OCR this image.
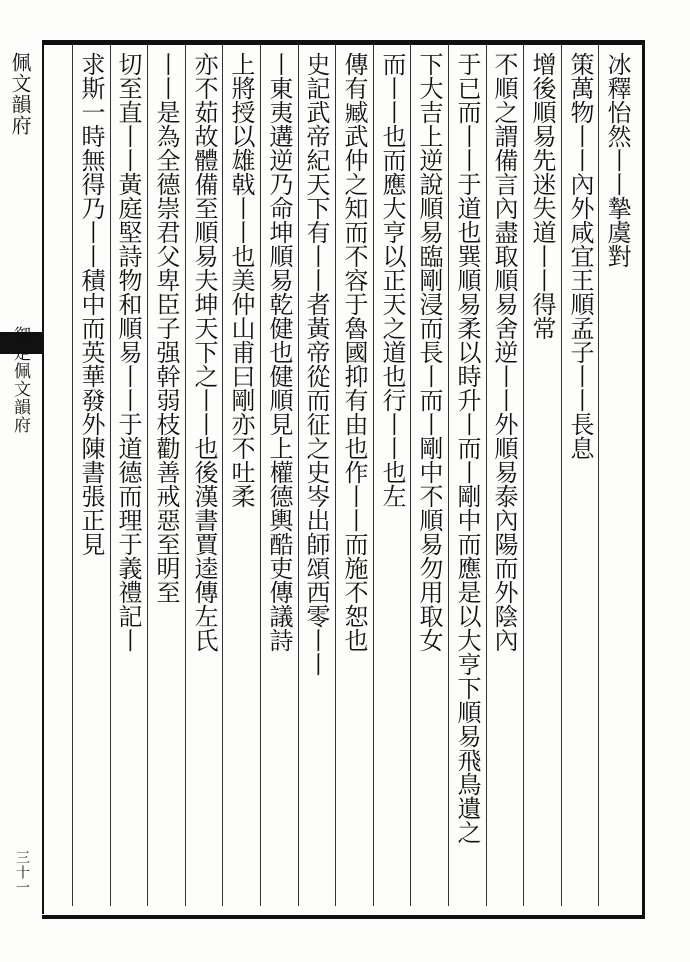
佩文韻府
御定佩文韻府
三十一
冰釋怡然丨丨摯虞對
策萬物丨丨內外咸宜王順孟子丨丨長息
增後順易先迷失道丨丨得常
不順之謂備言內盡取順易舍逆丨丨外順易泰內陽而外陰內
于已而丨丨于道也巽順易柔以時升丨而丨剛中而應是以大亨下順易飛鳥遺之
下大吉上逆說順易臨剛浸而長丨而丨剛中不順易勿用取女
而丨丨也而應大亨以正天之道也行丨丨也左
傳有臧武仲之知而不容于魯國抑有由也作丨丨而施不恕也
史記武帝紀天下有丨丨者黃帝從而征之史岑出師頌西零丨丨
丨東夷遘逆乃命坤順易乾健也健順見上權德輿酷吏傳議詩
上將授以雄戟丨丨也美仲山甫曰剛亦不吐柔
亦不茹故體備至順易夫坤天下之丨丨也後漢書賈逵傳左氏
丨丨是為全德崇君父卑臣子强幹弱枝勸善戒惡至明至
切至直丨丨黃庭堅詩物和順易丨丨于道德而理于義禮記丨
求斯一時無得乃丨丨積中而英華發外陳書張正見
